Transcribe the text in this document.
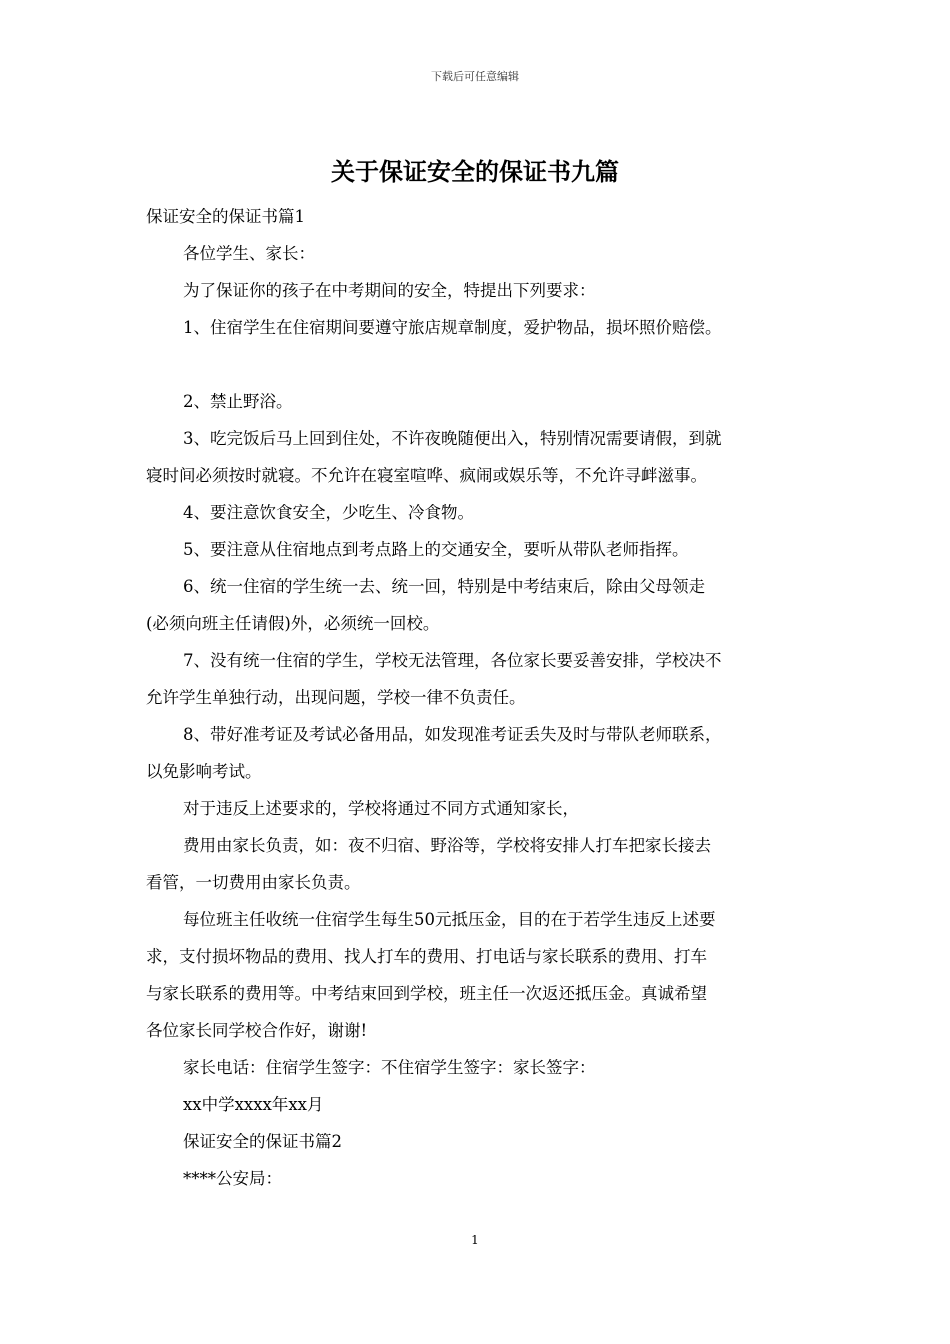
下载后可任意编辑
关于保证安全的保证书九篇
保证安全的保证书篇1
各位学生、家长：
为了保证你的孩子在中考期间的安全，特提出下列要求：
1、住宿学生在住宿期间要遵守旅店规章制度，爱护物品，损坏照价赔偿。
2、禁止野浴。
3、吃完饭后马上回到住处，不许夜晚随便出入，特别情况需要请假，到就
寝时间必须按时就寝。不允许在寝室喧哗、疯闹或娱乐等，不允许寻衅滋事。
4、要注意饮食安全，少吃生、冷食物。
5、要注意从住宿地点到考点路上的交通安全，要听从带队老师指挥。
6、统一住宿的学生统一去、统一回，特别是中考结束后，除由父母领走
(必须向班主任请假)外，必须统一回校。
7、没有统一住宿的学生，学校无法管理，各位家长要妥善安排，学校决不
允许学生单独行动，出现问题，学校一律不负责任。
8、带好准考证及考试必备用品，如发现准考证丢失及时与带队老师联系，
以免影响考试。
对于违反上述要求的，学校将通过不同方式通知家长，
费用由家长负责，如：夜不归宿、野浴等，学校将安排人打车把家长接去
看管，一切费用由家长负责。
每位班主任收统一住宿学生每生50元抵压金，目的在于若学生违反上述要
求，支付损坏物品的费用、找人打车的费用、打电话与家长联系的费用、打车
与家长联系的费用等。中考结束回到学校，班主任一次返还抵压金。真诚希望
各位家长同学校合作好，谢谢!
家长电话：住宿学生签字：不住宿学生签字：家长签字：
xx中学xxxx年xx月
保证安全的保证书篇2
****公安局：
1
